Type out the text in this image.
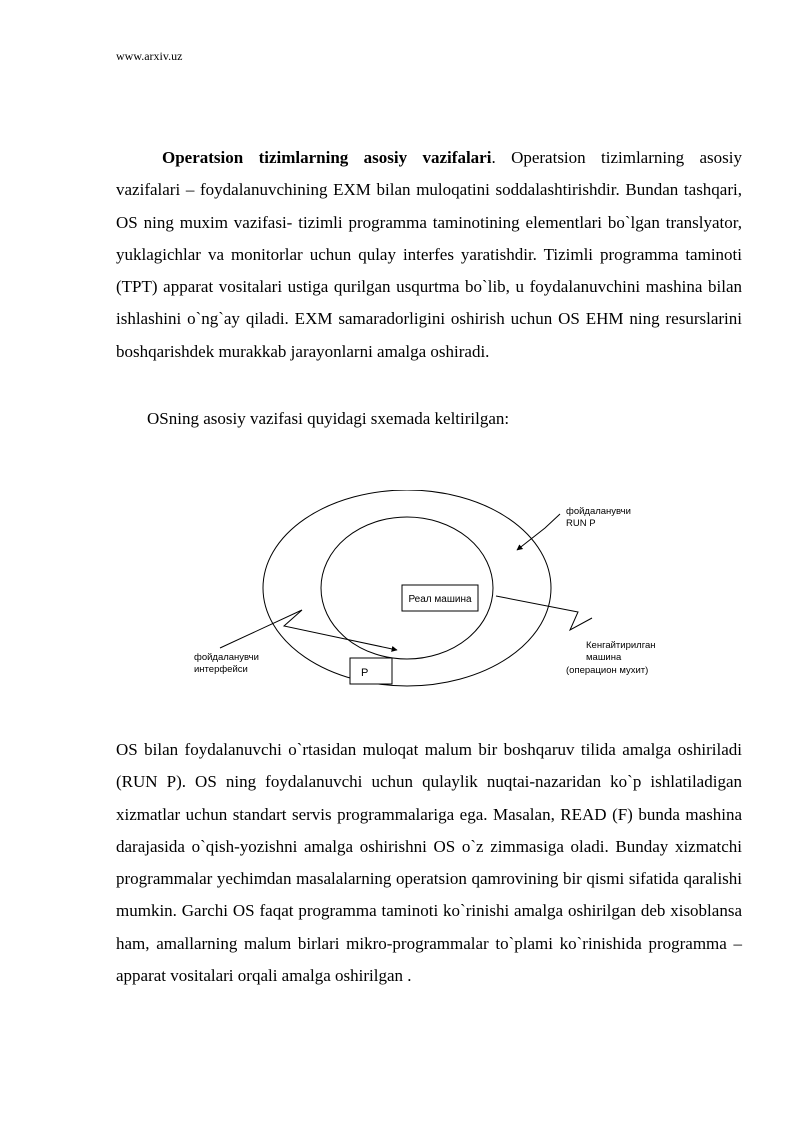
www.arxiv.uz

Operatsion tizimlarning asosiy vazifalari. Operatsion tizimlarning asosiy vazifalari – foydalanuvchining EXM bilan muloqatini soddalashtirishdir. Bundan tashqari, OS ning muxim vazifasi- tizimli programma taminotining elementlari bo`lgan translyator, yuklagichlar va monitorlar uchun qulay interfes yaratishdir. Tizimli programma taminoti (TPT) apparat vositalari ustiga qurilgan usqurtma bo`lib, u foydalanuvchini mashina bilan ishlashini o`ng`ay qiladi. EXM samaradorligini oshirish uchun OS EHM ning resurslarini boshqarishdek murakkab jarayonlarni amalga oshiradi.

OSning asosiy vazifasi quyidagi sxemada keltirilgan:

Реал машина
P
фойдаланувчи
RUN P
фойдаланувчи
интерфейси
Кенгайтирилган
машина
(операцион мухит)

OS bilan foydalanuvchi o`rtasidan muloqat malum bir boshqaruv tilida amalga oshiriladi (RUN P). OS ning foydalanuvchi uchun qulaylik nuqtai-nazaridan ko`p ishlatiladigan xizmatlar uchun standart servis programmalariga ega. Masalan, READ (F) bunda mashina darajasida o`qish-yozishni amalga oshirishni OS o`z zimmasiga oladi. Bunday xizmatchi programmalar yechimdan masalalarning operatsion qamrovining bir qismi sifatida qaralishi mumkin. Garchi OS faqat programma taminoti ko`rinishi amalga oshirilgan deb xisoblansa ham, amallarning malum birlari mikro-programmalar to`plami ko`rinishida programma –apparat vositalari orqali amalga oshirilgan .
